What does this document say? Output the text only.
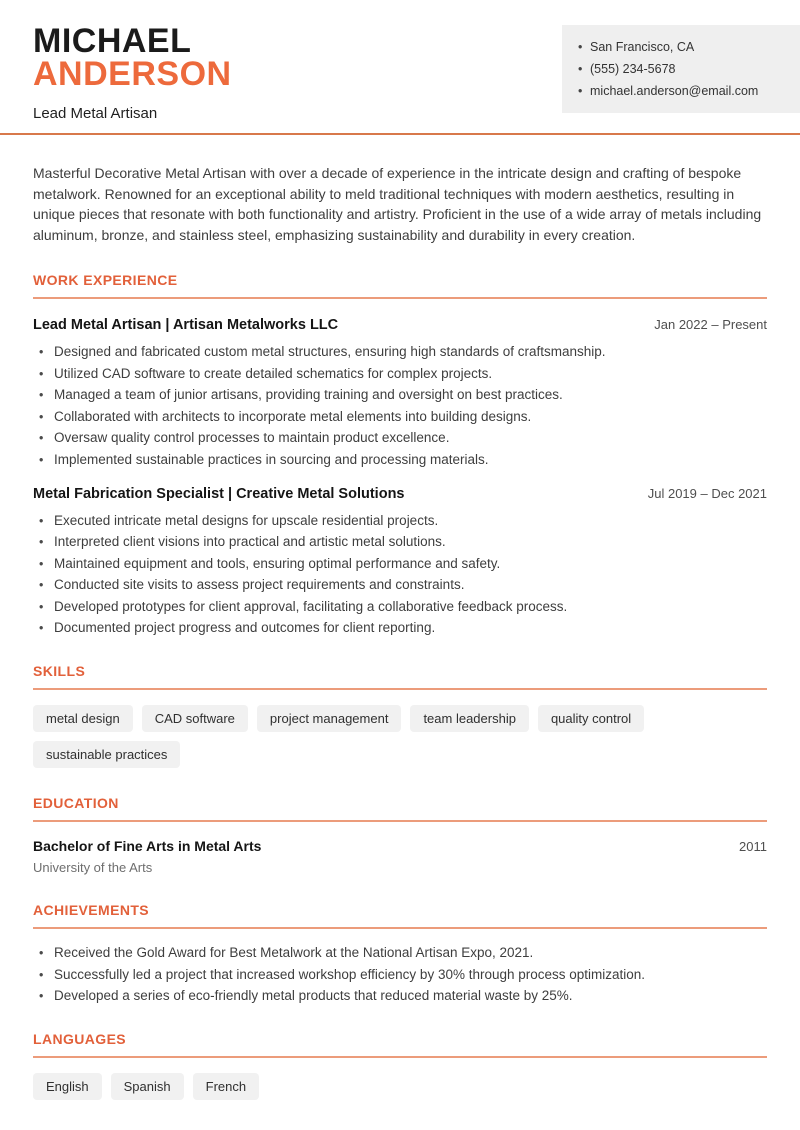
MICHAEL
ANDERSON
Lead Metal Artisan
• San Francisco, CA
• (555) 234-5678
• michael.anderson@email.com

Masterful Decorative Metal Artisan with over a decade of experience in the intricate design and crafting of bespoke metalwork. Renowned for an exceptional ability to meld traditional techniques with modern aesthetics, resulting in unique pieces that resonate with both functionality and artistry. Proficient in the use of a wide array of metals including aluminum, bronze, and stainless steel, emphasizing sustainability and durability in every creation.

WORK EXPERIENCE
Lead Metal Artisan | Artisan Metalworks LLC	Jan 2022 – Present
• Designed and fabricated custom metal structures, ensuring high standards of craftsmanship.
• Utilized CAD software to create detailed schematics for complex projects.
• Managed a team of junior artisans, providing training and oversight on best practices.
• Collaborated with architects to incorporate metal elements into building designs.
• Oversaw quality control processes to maintain product excellence.
• Implemented sustainable practices in sourcing and processing materials.
Metal Fabrication Specialist | Creative Metal Solutions	Jul 2019 – Dec 2021
• Executed intricate metal designs for upscale residential projects.
• Interpreted client visions into practical and artistic metal solutions.
• Maintained equipment and tools, ensuring optimal performance and safety.
• Conducted site visits to assess project requirements and constraints.
• Developed prototypes for client approval, facilitating a collaborative feedback process.
• Documented project progress and outcomes for client reporting.
SKILLS
metal design	CAD software	project management	team leadership	quality control
sustainable practices
EDUCATION
Bachelor of Fine Arts in Metal Arts	2011
University of the Arts
ACHIEVEMENTS
• Received the Gold Award for Best Metalwork at the National Artisan Expo, 2021.
• Successfully led a project that increased workshop efficiency by 30% through process optimization.
• Developed a series of eco-friendly metal products that reduced material waste by 25%.
LANGUAGES
English	Spanish	French
